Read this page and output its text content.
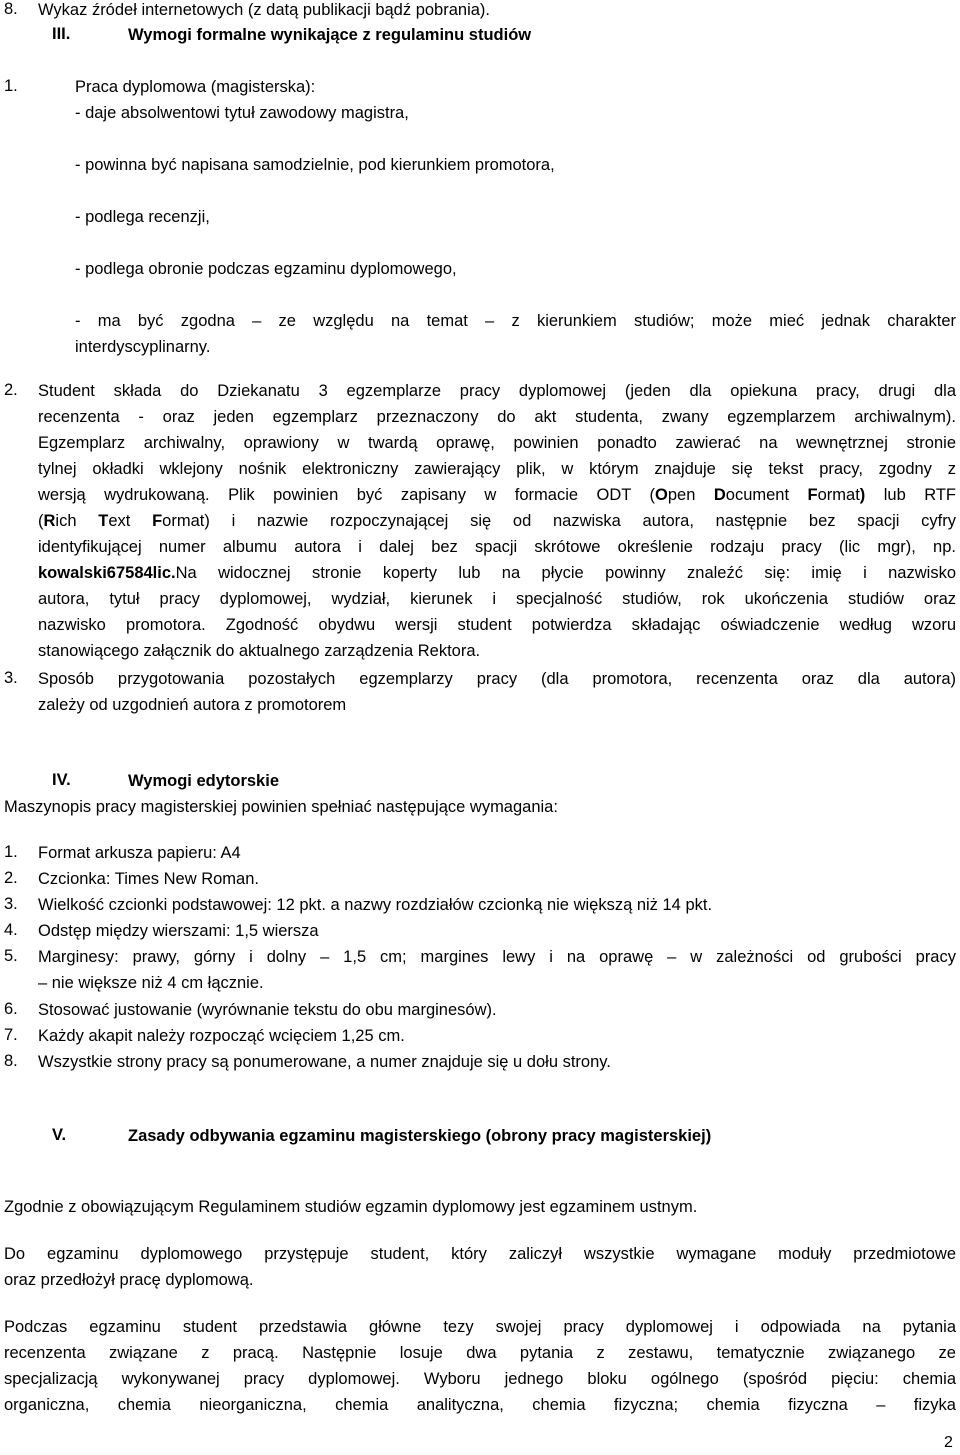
8. Wykaz źródeł internetowych (z datą publikacji bądź pobrania).
III.	Wymogi formalne wynikające z regulaminu studiów
1.	Praca dyplomowa (magisterska):
- daje absolwentowi tytuł zawodowy magistra,
- powinna być napisana samodzielnie, pod kierunkiem promotora,
- podlega recenzji,
- podlega obronie podczas egzaminu dyplomowego,
- ma być zgodna – ze względu na temat – z kierunkiem studiów; może mieć jednak charakter
interdyscyplinarny.
2. Student składa do Dziekanatu 3 egzemplarze pracy dyplomowej (jeden dla opiekuna pracy, drugi dla
recenzenta - oraz jeden egzemplarz przeznaczony do akt studenta, zwany egzemplarzem archiwalnym).
Egzemplarz archiwalny, oprawiony w twardą oprawę, powinien ponadto zawierać na wewnętrznej stronie
tylnej okładki wklejony nośnik elektroniczny zawierający plik, w którym znajduje się tekst pracy, zgodny z
wersją wydrukowaną. Plik powinien być zapisany w formacie ODT (Open Document Format) lub RTF
(Rich Text Format) i nazwie rozpoczynającej się od nazwiska autora, następnie bez spacji cyfry
identyfikującej numer albumu autora i dalej bez spacji skrótowe określenie rodzaju pracy (lic mgr), np.
kowalski67584lic.Na widocznej stronie koperty lub na płycie powinny znaleźć się: imię i nazwisko
autora, tytuł pracy dyplomowej, wydział, kierunek i specjalność studiów, rok ukończenia studiów oraz
nazwisko promotora. Zgodność obydwu wersji student potwierdza składając oświadczenie według wzoru
stanowiącego załącznik do aktualnego zarządzenia Rektora.
3. Sposób przygotowania pozostałych egzemplarzy pracy (dla promotora, recenzenta oraz dla autora)
zależy od uzgodnień autora z promotorem
IV.	Wymogi edytorskie
Maszynopis pracy magisterskiej powinien spełniać następujące wymagania:
1. Format arkusza papieru: A4
2. Czcionka: Times New Roman.
3. Wielkość czcionki podstawowej: 12 pkt. a nazwy rozdziałów czcionką nie większą niż 14 pkt.
4. Odstęp między wierszami: 1,5 wiersza
5. Marginesy: prawy, górny i dolny – 1,5 cm; margines lewy i na oprawę – w zależności od grubości pracy
– nie większe niż 4 cm łącznie.
6. Stosować justowanie (wyrównanie tekstu do obu marginesów).
7. Każdy akapit należy rozpocząć wcięciem 1,25 cm.
8. Wszystkie strony pracy są ponumerowane, a numer znajduje się u dołu strony.
V.	Zasady odbywania egzaminu magisterskiego (obrony pracy magisterskiej)
Zgodnie z obowiązującym Regulaminem studiów egzamin dyplomowy jest egzaminem ustnym.
Do egzaminu dyplomowego przystępuje student, który zaliczył wszystkie wymagane moduły przedmiotowe
oraz przedłożył pracę dyplomową.
Podczas egzaminu student przedstawia główne tezy swojej pracy dyplomowej i odpowiada na pytania
recenzenta związane z pracą. Następnie losuje dwa pytania z zestawu, tematycznie związanego ze
specjalizacją wykonywanej pracy dyplomowej. Wyboru jednego bloku ogólnego (spośród pięciu: chemia
organiczna, chemia nieorganiczna, chemia analityczna, chemia fizyczna; chemia fizyczna – fizyka
2
